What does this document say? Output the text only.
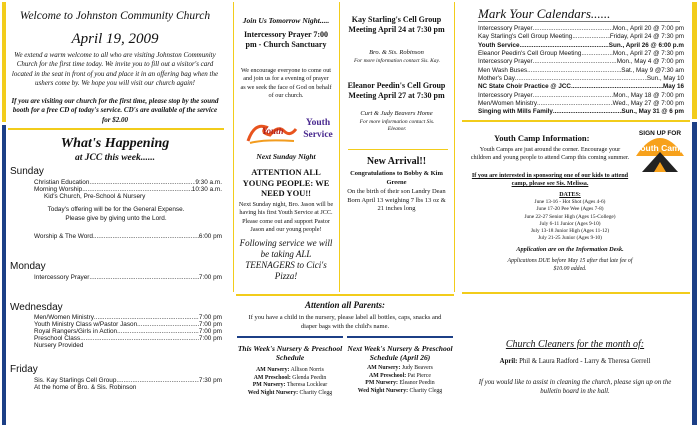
Welcome to Johnston Community Church
April 19, 2009
We extend a warm welcome to all who are visiting Johnston Community Church for the first time today. We invite you to fill out a visitor's card located in the seat in front of you and place it in an offering bag when the ushers come by. We hope you will visit our church again!
If you are visiting our church for the first time, please stop by the sound booth for a free CD of today's service. CD's are available of the service for $2.00
What's Happening
at JCC this week......
Sunday
Christian Education .....	9:30 a.m.
Morning Worship .....	10:30 a.m.
Kid's Church, Pre-School & Nursery
Today's offering will be for the General Expense.
Please give by giving unto the Lord.
Worship & The Word .....	6:00 pm
Monday
Intercessory Prayer .....	7:00 pm
Wednesday
Men/Women Ministry .....	7:00 pm
Youth Ministry Class w/Pastor Jason .....	7:00 pm
Royal Rangers/Girls in Action .....	7:00 pm
Preschool Class .....	7:00 pm
Nursery Provided
Friday
Sis. Kay Starlings Cell Group .....	7:30 pm
At the home of Bro. & Sis. Robinson
Join Us Tomorrow Night.....
Intercessory Prayer 7:00 pm - Church Sanctuary
We encourage everyone to come out and join us for a evening of prayer as we seek the face of God on behalf of our church.
Youth
Youth Service
Next Sunday Night
ATTENTION ALL YOUNG PEOPLE: WE NEED YOU!!
Next Sunday night, Bro. Jason will be having his first Youth Service at JCC. Please come out and support Pastor Jason and our young people!
Following service we will be taking ALL TEENAGERS to Cici's Pizza!
Kay Starling's Cell Group Meeting April 24 at 7:30 pm
Bro. & Sis. Robinson
For more information contact Sis. Kay.
Eleanor Peedin's Cell Group Meeting April 27 at 7:30 pm
Curt & Judy Beavers Home
For more information contact Sis. Eleanor.
New Arrival!!
Congratulations to Bobby & Kim Greene
On the birth of their son Landry Dean Born April 13 weighing 7 lbs 13 oz & 21 inches long
Attention all Parents:
If you have a child in the nursery, please label all bottles, caps, snacks and diaper bags with the child's name.
This Week's Nursery & Preschool Schedule
AM Nursery: Allison Norris
AM Preschool: Glenda Peedin
PM Nursery: Theresa Locklear
Wed Night Nursery: Charity Clegg
Next Week's Nursery & Preschool Schedule (April 26)
AM Nursery: Judy Beavers
AM Preschool: Pat Pierce
PM Nursery: Eleanor Peedin
Wed Night Nursery: Charity Clegg
Mark Your Calendars......
Intercessory Prayer .....	Mon., April 20 @ 7:00 pm
Kay Starling's Cell Group Meeting .....	Friday, April 24 @ 7:30 pm
Youth Service .....	Sun., April 26 @ 6:00 p.m
Eleanor Peedin's Cell Group Meeting .....	Mon., April 27 @ 7:30 pm
Intercessory Prayer .....	Mon., May 4 @ 7:00 pm
Men Wash Buses .....	Sat., May 9 @7:30 am
Mother's Day .....	Sun., May 10
NC State Choir Practice @ JCC .....	May 16
Intercessory Prayer .....	Mon., May 18 @ 7:00 pm
Men/Women Ministry .....	Wed., May 27 @ 7:00 pm
Singing with Mills Family .....	Sun., May 31 @ 6 pm
Youth Camp Information:
Youth Camps are just around the corner. Encourage your children and young people to attend Camp this coming summer.
If you are interested in sponsoring one of our kids to attend camp, please see Sis. Melissa.
SIGN UP FOR
Youth Camp
DATES:
June 13-16 - Hot Shot (Ages 4-6)
June 17-20 Pee Wee (Ages 7-8)
June 22-27 Senior High (Ages 15-College)
July 6-11 Junior (Ages 9-10)
July 13-18 Junior High (Ages 11-12)
July 21-25 Junior (Ages 9-10)
Application are on the Information Desk.
Applications DUE before May 15 after that late fee of $10.00 added.
Church Cleaners for the month of:
April: Phil & Laura Radford - Larry & Theresa Gerrell
If you would like to assist in cleaning the church, please sign up on the bulletin board in the hall.
